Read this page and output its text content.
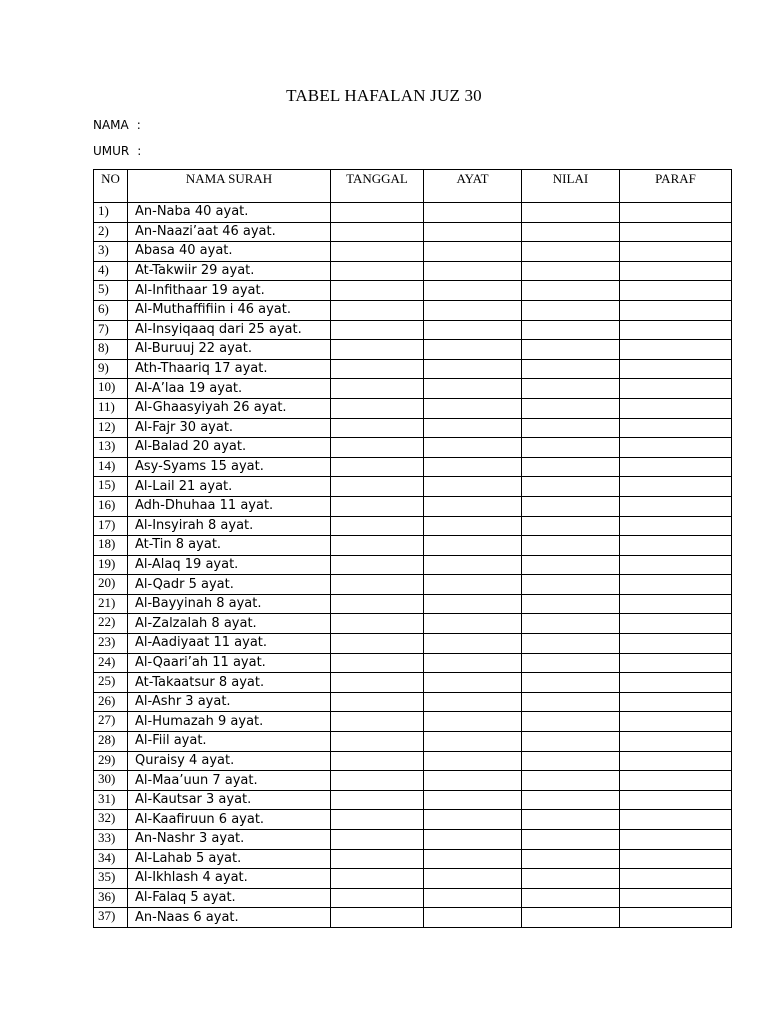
TABEL HAFALAN JUZ 30
NAMA :
UMUR :
NO	NAMA SURAH	TANGGAL	AYAT	NILAI	PARAF
1)	An-Naba 40 ayat.				
2)	An-Naazi’aat 46 ayat.				
3)	Abasa 40 ayat.				
4)	At-Takwiir 29 ayat.				
5)	Al-Infithaar 19 ayat.				
6)	Al-Muthaffifiin i 46 ayat.				
7)	Al-Insyiqaaq dari 25 ayat.				
8)	Al-Buruuj 22 ayat.				
9)	Ath-Thaariq 17 ayat.				
10)	Al-A’laa 19 ayat.				
11)	Al-Ghaasyiyah 26 ayat.				
12)	Al-Fajr 30 ayat.				
13)	Al-Balad 20 ayat.				
14)	Asy-Syams 15 ayat.				
15)	Al-Lail 21 ayat.				
16)	Adh-Dhuhaa 11 ayat.				
17)	Al-Insyirah 8 ayat.				
18)	At-Tin 8 ayat.				
19)	Al-Alaq 19 ayat.				
20)	Al-Qadr 5 ayat.				
21)	Al-Bayyinah 8 ayat.				
22)	Al-Zalzalah 8 ayat.				
23)	Al-Aadiyaat 11 ayat.				
24)	Al-Qaari’ah 11 ayat.				
25)	At-Takaatsur 8 ayat.				
26)	Al-Ashr 3 ayat.				
27)	Al-Humazah 9 ayat.				
28)	Al-Fiil ayat.				
29)	Quraisy 4 ayat.				
30)	Al-Maa’uun 7 ayat.				
31)	Al-Kautsar 3 ayat.				
32)	Al-Kaafiruun 6 ayat.				
33)	An-Nashr 3 ayat.				
34)	Al-Lahab 5 ayat.				
35)	Al-Ikhlash 4 ayat.				
36)	Al-Falaq 5 ayat.				
37)	An-Naas 6 ayat.				
